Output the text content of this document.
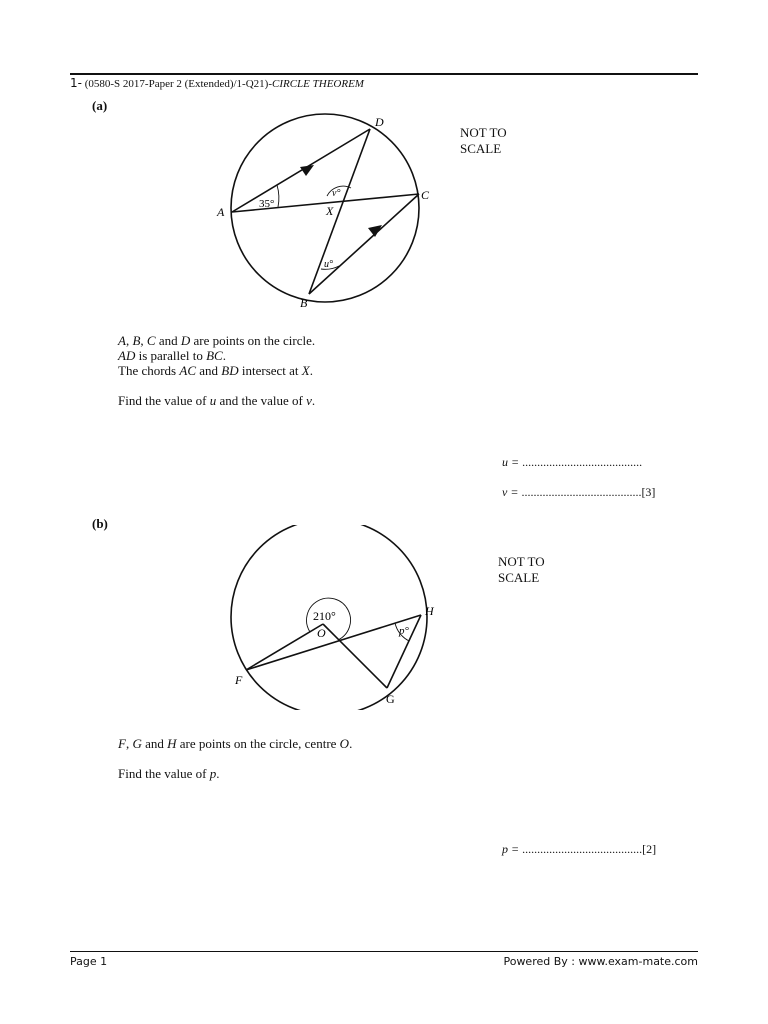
1- (0580-S 2017-Paper 2 (Extended)/1-Q21)-CIRCLE THEOREM
(a)
D
C
A
B
X
35°
v°
u°
NOT TO
SCALE
A, B, C and D are points on the circle.
AD is parallel to BC.
The chords AC and BD intersect at X.
Find the value of u and the value of v.
u = ........................................
v = ........................................[3]
(b)
210°
O	p°
H
F
G
NOT TO
SCALE
F, G and H are points on the circle, centre O.
Find the value of p.
p = ........................................[2]
Page 1	Powered By : www.exam-mate.com
